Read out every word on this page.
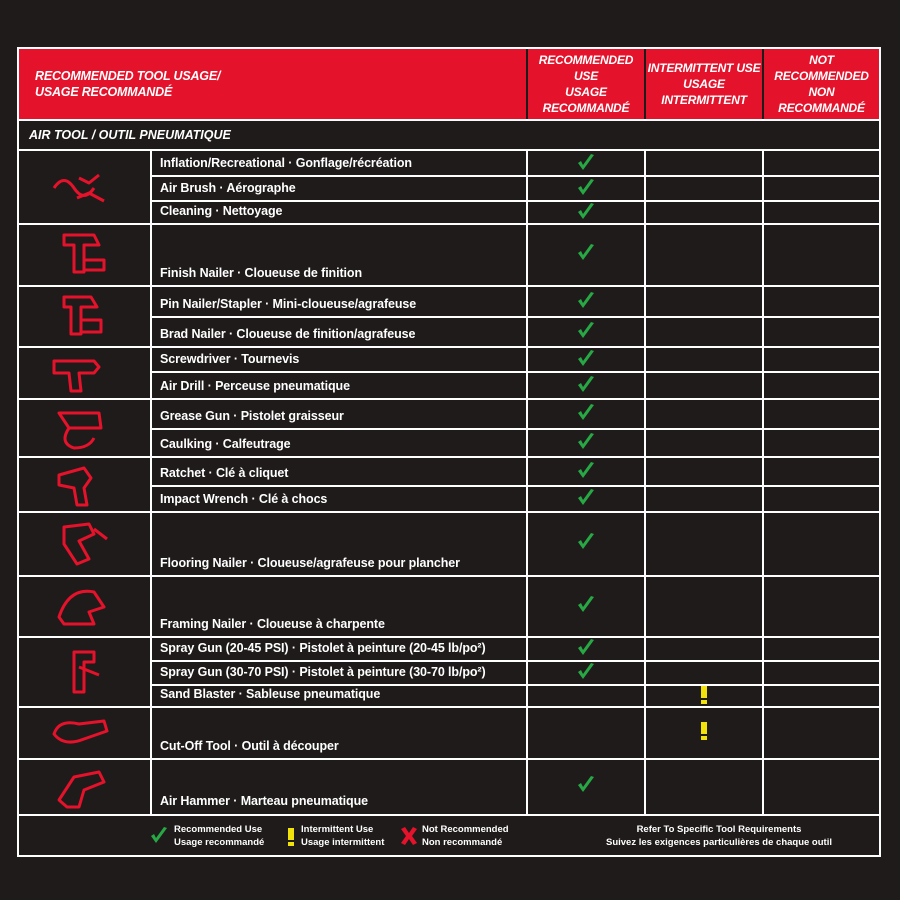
RECOMMENDED TOOL USAGE/
USAGE RECOMMANDÉ
RECOMMENDED USE
USAGE RECOMMANDÉ
INTERMITTENT USE
USAGE INTERMITTENT
NOT RECOMMENDED
NON RECOMMANDÉ
AIR TOOL / OUTIL PNEUMATIQUE
Inflation/Recreational · Gonflage/récréation
Air Brush · Aérographe
Cleaning · Nettoyage
Finish Nailer · Cloueuse de finition
Pin Nailer/Stapler · Mini-cloueuse/agrafeuse
Brad Nailer · Cloueuse de finition/agrafeuse
Screwdriver · Tournevis
Air Drill · Perceuse pneumatique
Grease Gun · Pistolet graisseur
Caulking · Calfeutrage
Ratchet · Clé à cliquet
Impact Wrench · Clé à chocs
Flooring Nailer · Cloueuse/agrafeuse pour plancher
Framing Nailer · Cloueuse à charpente
Spray Gun (20-45 PSI) · Pistolet à peinture (20-45 lb/po²)
Spray Gun (30-70 PSI) · Pistolet à peinture (30-70 lb/po²)
Sand Blaster · Sableuse pneumatique
Cut-Off Tool · Outil à découper
Air Hammer · Marteau pneumatique
Recommended Use
Usage recommandé
Intermittent Use
Usage intermittent
Not Recommended
Non recommandé
Refer To Specific Tool Requirements
Suivez les exigences particulières de chaque outil
